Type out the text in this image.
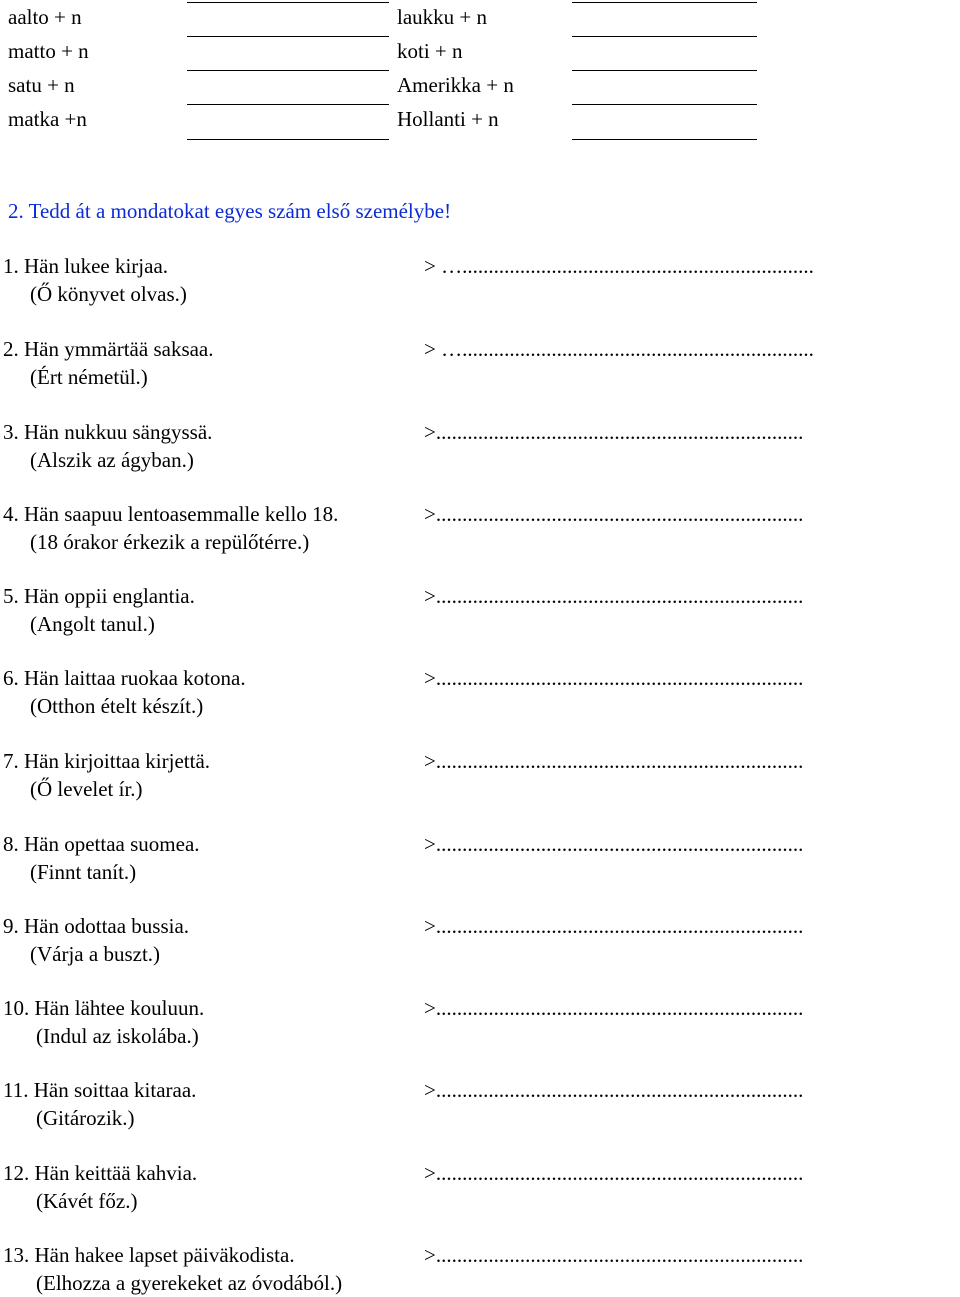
aalto + n
matto + n
satu + n
matka +n
laukku + n
koti + n
Amerikka + n
Hollanti + n
2. Tedd át a mondatokat egyes szám első személybe!
1. Hän lukee kirjaa.
(Ő könyvet olvas.)
> …...................................................................
2. Hän ymmärtää saksaa.
(Ért németül.)
> …...................................................................
3. Hän nukkuu sängyssä.
(Alszik az ágyban.)
>......................................................................
4. Hän saapuu lentoasemmalle kello 18.
(18 órakor érkezik a repülőtérre.)
>......................................................................
5. Hän oppii englantia.
(Angolt tanul.)
>......................................................................
6. Hän laittaa ruokaa kotona.
(Otthon ételt készít.)
>......................................................................
7. Hän kirjoittaa kirjettä.
(Ő levelet ír.)
>......................................................................
8. Hän opettaa suomea.
(Finnt tanít.)
>......................................................................
9. Hän odottaa bussia.
(Várja a buszt.)
>......................................................................
10. Hän lähtee kouluun.
(Indul az iskolába.)
>......................................................................
11. Hän soittaa kitaraa.
(Gitározik.)
>......................................................................
12. Hän keittää kahvia.
(Kávét főz.)
>......................................................................
13. Hän hakee lapset päiväkodista.
(Elhozza a gyerekeket az óvodából.)
>......................................................................
